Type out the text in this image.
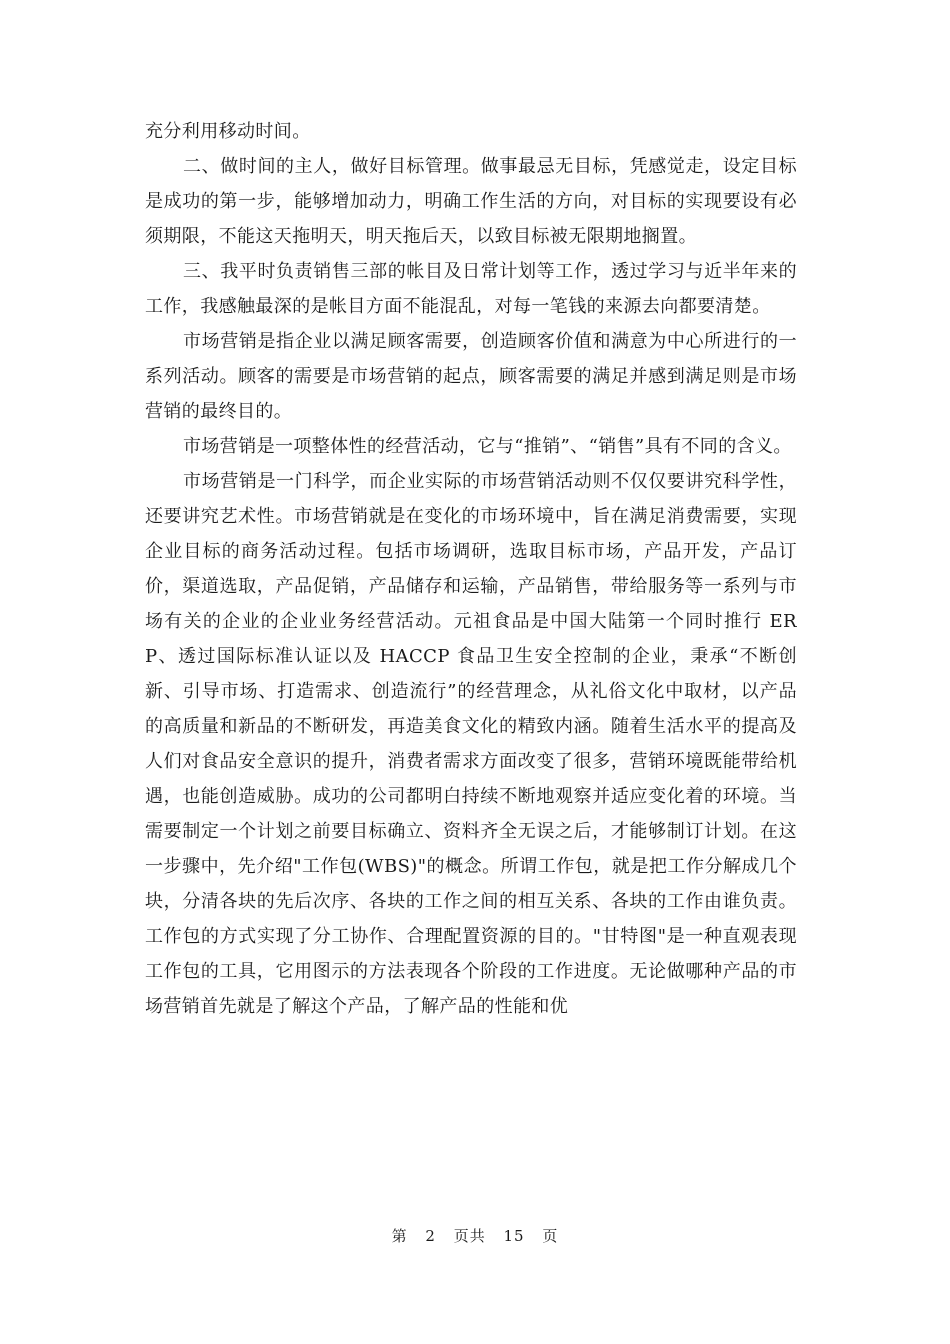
充分利用移动时间。

二、做时间的主人，做好目标管理。做事最忌无目标，凭感觉走，设定目标是成功的第一步，能够增加动力，明确工作生活的方向，对目标的实现要设有必须期限，不能这天拖明天，明天拖后天，以致目标被无限期地搁置。

三、我平时负责销售三部的帐目及日常计划等工作，透过学习与近半年来的工作，我感触最深的是帐目方面不能混乱，对每一笔钱的来源去向都要清楚。

市场营销是指企业以满足顾客需要，创造顾客价值和满意为中心所进行的一系列活动。顾客的需要是市场营销的起点，顾客需要的满足并感到满足则是市场营销的最终目的。

市场营销是一项整体性的经营活动，它与“推销”、“销售”具有不同的含义。

市场营销是一门科学，而企业实际的市场营销活动则不仅仅要讲究科学性，还要讲究艺术性。市场营销就是在变化的市场环境中，旨在满足消费需要，实现企业目标的商务活动过程。包括市场调研，选取目标市场，产品开发，产品订价，渠道选取，产品促销，产品储存和运输，产品销售，带给服务等一系列与市场有关的企业的企业业务经营活动。元祖食品是中国大陆第一个同时推行 ERP、透过国际标准认证以及 HACCP 食品卫生安全控制的企业，秉承“不断创新、引导市场、打造需求、创造流行”的经营理念，从礼俗文化中取材，以产品的高质量和新品的不断研发，再造美食文化的精致内涵。随着生活水平的提高及人们对食品安全意识的提升，消费者需求方面改变了很多，营销环境既能带给机遇，也能创造威胁。成功的公司都明白持续不断地观察并适应变化着的环境。当需要制定一个计划之前要目标确立、资料齐全无误之后，才能够制订计划。在这一步骤中，先介绍"工作包(WBS)"的概念。所谓工作包，就是把工作分解成几个块，分清各块的先后次序、各块的工作之间的相互关系、各块的工作由谁负责。工作包的方式实现了分工协作、合理配置资源的目的。"甘特图"是一种直观表现工作包的工具，它用图示的方法表现各个阶段的工作进度。无论做哪种产品的市场营销首先就是了解这个产品，了解产品的性能和优

第 2 页共 15 页
